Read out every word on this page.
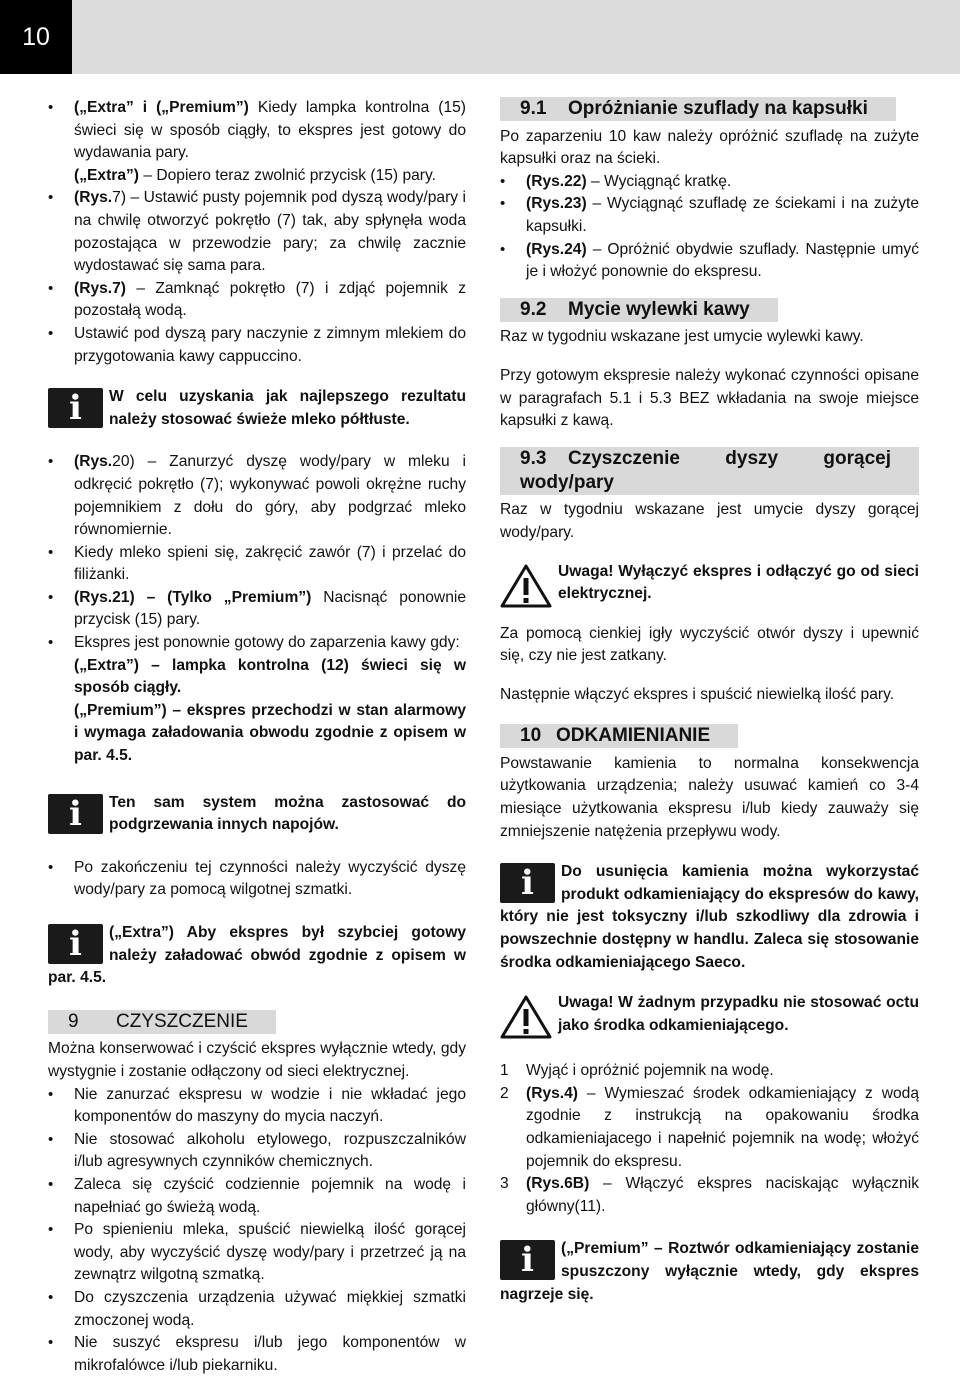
10
• („Extra” i („Premium”) Kiedy lampka kontrolna (15) świeci się w sposób ciągły, to ekspres jest gotowy do wydawania pary.
(„Extra”) – Dopiero teraz zwolnić przycisk (15) pary.
• (Rys.7) – Ustawić pusty pojemnik pod dyszą wody/pary i na chwilę otworzyć pokrętło (7) tak, aby spłynęła woda pozostająca w przewodzie pary; za chwilę zacznie wydostawać się sama para.
• (Rys.7) – Zamknąć pokrętło (7) i zdjąć pojemnik z pozostałą wodą.
• Ustawić pod dyszą pary naczynie z zimnym mlekiem do przygotowania kawy cappuccino.
i	W celu uzyskania jak najlepszego rezultatu należy stosować świeże mleko półtłuste.

• (Rys.20) – Zanurzyć dyszę wody/pary w mleku i odkręcić pokrętło (7); wykonywać powoli okrężne ruchy pojemnikiem z dołu do góry, aby podgrzać mleko równomiernie.
• Kiedy mleko spieni się, zakręcić zawór (7) i przelać do filiżanki.
• (Rys.21) – (Tylko „Premium”) Nacisnąć ponownie przycisk (15) pary.
• Ekspres jest ponownie gotowy do zaparzenia kawy gdy:
(„Extra”) – lampka kontrolna (12) świeci się w sposób ciągły.
(„Premium”) – ekspres przechodzi w stan alarmowy i wymaga załadowania obwodu zgodnie z opisem w par. 4.5.
i	Ten sam system można zastosować do podgrzewania innych napojów.

• Po zakończeniu tej czynności należy wyczyścić dyszę wody/pary za pomocą wilgotnej szmatki.
i	(„Extra”) Aby ekspres był szybciej gotowy należy załadować obwód zgodnie z opisem w par. 4.5.

9 CZYSZCZENIE

Można konserwować i czyścić ekspres wyłącznie wtedy, gdy wystygnie i zostanie odłączony od sieci elektrycznej.

• Nie zanurzać ekspresu w wodzie i nie wkładać jego komponentów do maszyny do mycia naczyń.
• Nie stosować alkoholu etylowego, rozpuszczalników i/lub agresywnych czynników chemicznych.
• Zaleca się czyścić codziennie pojemnik na wodę i napełniać go świeżą wodą.
• Po spienieniu mleka, spuścić niewielką ilość gorącej wody, aby wyczyścić dyszę wody/pary i przetrzeć ją na zewnątrz wilgotną szmatką.
• Do czyszczenia urządzenia używać miękkiej szmatki zmoczonej wodą.
• Nie suszyć ekspresu i/lub jego komponentów w mikrofalówce i/lub piekarniku.
9.1 Opróżnianie szuflady na kapsułki

Po zaparzeniu 10 kaw należy opróżnić szufladę na zużyte kapsułki oraz na ścieki.

• (Rys.22) – Wyciągnąć kratkę.
• (Rys.23) – Wyciągnąć szufladę ze ściekami i na zużyte kapsułki.
• (Rys.24) – Opróżnić obydwie szuflady. Następnie umyć je i włożyć ponownie do ekspresu.
9.2 Mycie wylewki kawy

Raz w tygodniu wskazane jest umycie wylewki kawy.

Przy gotowym ekspresie należy wykonać czynności opisane w paragrafach 5.1 i 5.3 BEZ wkładania na swoje miejsce kapsułki z kawą.

9.3 Czyszczenie dyszy gorącej wody/pary

Raz w tygodniu wskazane jest umycie dyszy gorącej wody/pary.

Uwaga! Wyłączyć ekspres i odłączyć go od sieci elektrycznej.

Za pomocą cienkiej igły wyczyścić otwór dyszy i upewnić się, czy nie jest zatkany.

Następnie włączyć ekspres i spuścić niewielką ilość pary.

10 ODKAMIENIANIE

Powstawanie kamienia to normalna konsekwencja użytkowania urządzenia; należy usuwać kamień co 3-4 miesiące użytkowania ekspresu i/lub kiedy zauważy się zmniejszenie natężenia przepływu wody.

i	Do usunięcia kamienia można wykorzystać produkt odkamieniający do ekspresów do kawy, który nie jest toksyczny i/lub szkodliwy dla zdrowia i powszechnie dostępny w handlu. Zaleca się stosowanie środka odkamieniającego Saeco.

Uwaga! W żadnym przypadku nie stosować octu jako środka odkamieniającego.

1 Wyjąć i opróżnić pojemnik na wodę.
2 (Rys.4) – Wymieszać środek odkamieniający z wodą zgodnie z instrukcją na opakowaniu środka odkamieniajacego i napełnić pojemnik na wodę; włożyć pojemnik do ekspresu.
3 (Rys.6B) – Włączyć ekspres naciskając wyłącznik główny(11).
i	(„Premium” – Roztwór odkamieniający zostanie spuszczony wyłącznie wtedy, gdy ekspres nagrzeje się.
